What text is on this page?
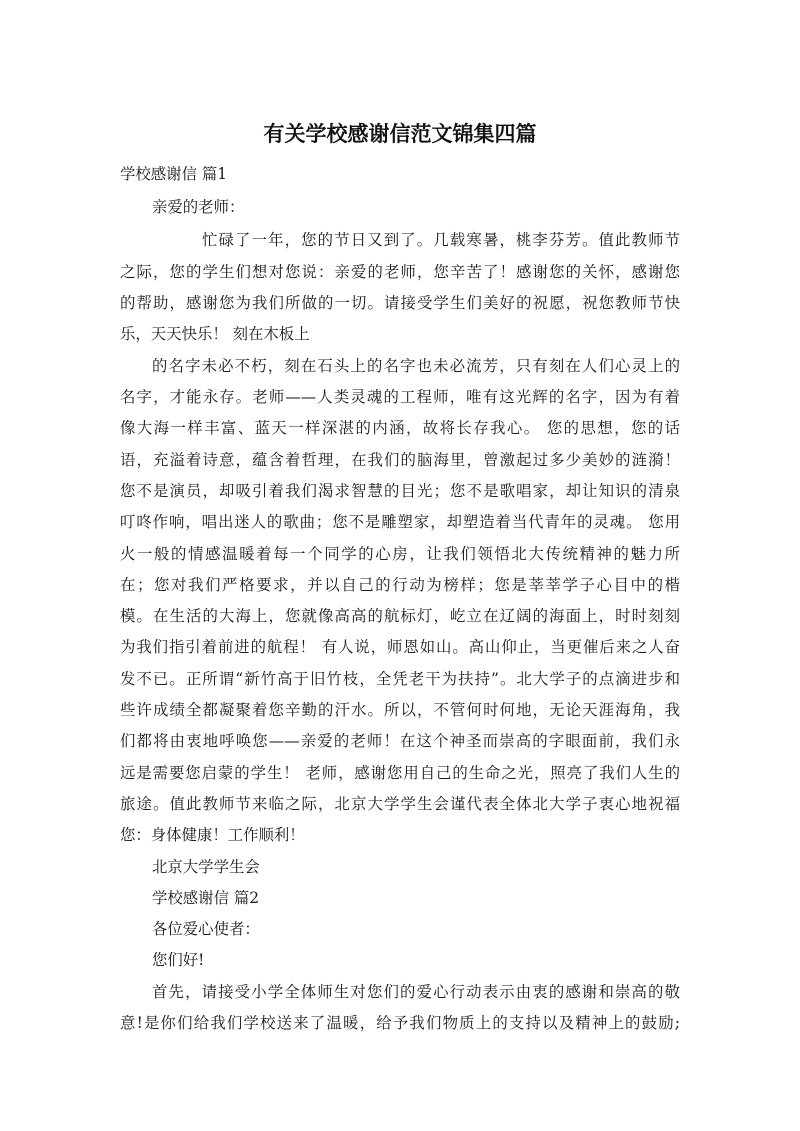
有关学校感谢信范文锦集四篇
学校感谢信 篇1
亲爱的老师：
忙碌了一年，您的节日又到了。几载寒暑，桃李芬芳。值此教师节
之际，您的学生们想对您说：亲爱的老师，您辛苦了！感谢您的关怀，感谢您
的帮助，感谢您为我们所做的一切。请接受学生们美好的祝愿，祝您教师节快
乐，天天快乐！ 刻在木板上
的名字未必不朽，刻在石头上的名字也未必流芳，只有刻在人们心灵上的
名字，才能永存。老师——人类灵魂的工程师，唯有这光辉的名字，因为有着
像大海一样丰富、蓝天一样深湛的内涵，故将长存我心。 您的思想，您的话
语，充溢着诗意，蕴含着哲理，在我们的脑海里，曾激起过多少美妙的涟漪！
您不是演员，却吸引着我们渴求智慧的目光；您不是歌唱家，却让知识的清泉
叮咚作响，唱出迷人的歌曲；您不是雕塑家，却塑造着当代青年的灵魂。 您用
火一般的情感温暖着每一个同学的心房，让我们领悟北大传统精神的魅力所
在；您对我们严格要求，并以自己的行动为榜样；您是莘莘学子心目中的楷
模。在生活的大海上，您就像高高的航标灯，屹立在辽阔的海面上，时时刻刻
为我们指引着前进的航程！ 有人说，师恩如山。高山仰止，当更催后来之人奋
发不已。正所谓“新竹高于旧竹枝，全凭老干为扶持”。北大学子的点滴进步和
些许成绩全都凝聚着您辛勤的汗水。所以，不管何时何地，无论天涯海角，我
们都将由衷地呼唤您——亲爱的老师！在这个神圣而崇高的字眼面前，我们永
远是需要您启蒙的学生！ 老师，感谢您用自己的生命之光，照亮了我们人生的
旅途。值此教师节来临之际，北京大学学生会谨代表全体北大学子衷心地祝福
您：身体健康！工作顺利！
北京大学学生会
学校感谢信 篇2
各位爱心使者：
您们好!
首先，请接受小学全体师生对您们的爱心行动表示由衷的感谢和崇高的敬
意!是你们给我们学校送来了温暖，给予我们物质上的支持以及精神上的鼓励;
